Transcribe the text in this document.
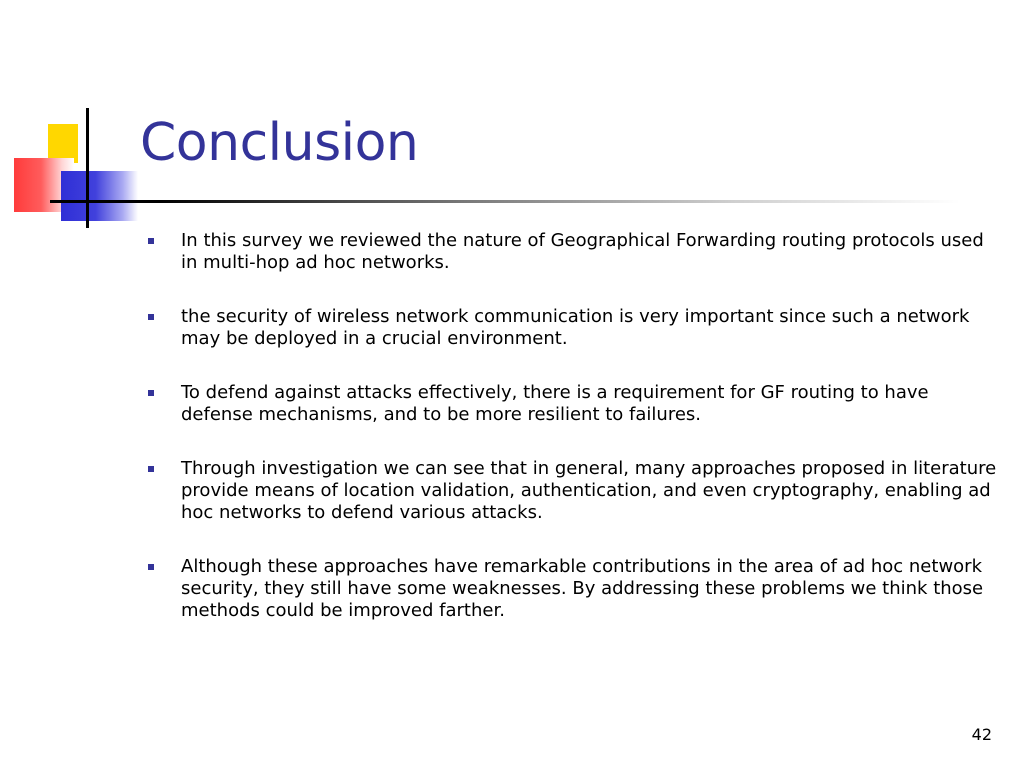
Conclusion
In this survey we reviewed the nature of Geographical Forwarding routing protocols used in multi-hop ad hoc networks.
the security of wireless network communication is very important since such a network may be deployed in a crucial environment.
To defend against attacks effectively, there is a requirement for GF routing to have defense mechanisms, and to be more resilient to failures.
Through investigation we can see that in general, many approaches proposed in literature provide means of location validation, authentication, and even cryptography, enabling ad hoc networks to defend various attacks.
Although these approaches have remarkable contributions in the area of ad hoc network security, they still have some weaknesses. By addressing these problems we think those methods could be improved farther.
42
